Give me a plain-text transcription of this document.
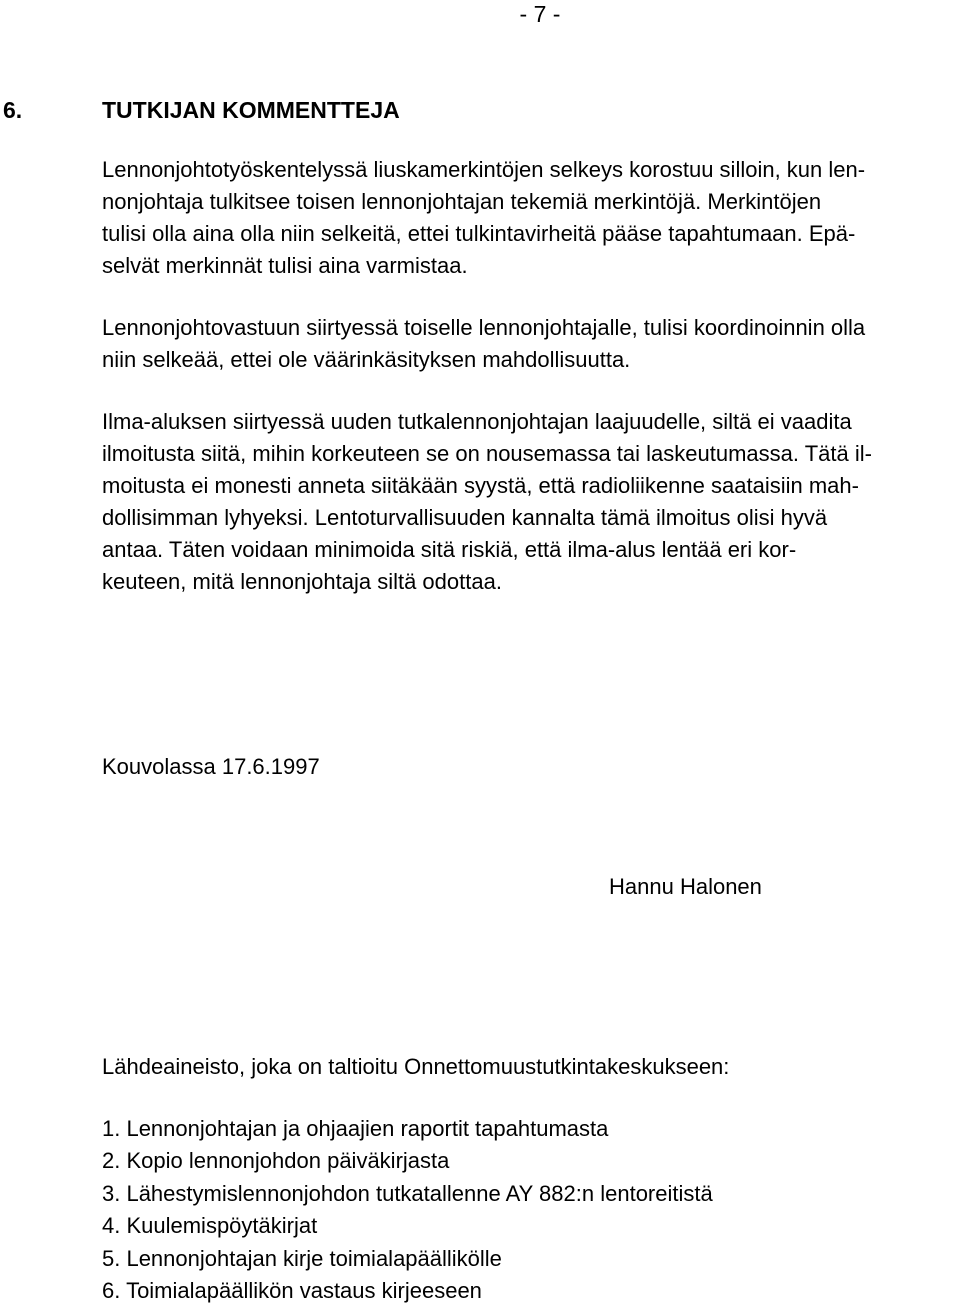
- 7 -
6.	TUTKIJAN KOMMENTTEJA

Lennonjohtotyöskentelyssä liuskamerkintöjen selkeys korostuu silloin, kun len-
nonjohtaja tulkitsee toisen lennonjohtajan tekemiä merkintöjä. Merkintöjen
tulisi olla aina olla niin selkeitä, ettei tulkintavirheitä pääse tapahtumaan. Epä-
selvät merkinnät tulisi aina varmistaa.

Lennonjohtovastuun siirtyessä toiselle lennonjohtajalle, tulisi koordinoinnin olla
niin selkeää, ettei ole väärinkäsityksen mahdollisuutta.

Ilma-aluksen siirtyessä uuden tutkalennonjohtajan laajuudelle, siltä ei vaadita
ilmoitusta siitä, mihin korkeuteen se on nousemassa tai laskeutumassa. Tätä il-
moitusta ei monesti anneta siitäkään syystä, että radioliikenne saataisiin mah-
dollisimman lyhyeksi. Lentoturvallisuuden kannalta tämä ilmoitus olisi hyvä
antaa. Täten voidaan minimoida sitä riskiä, että ilma-alus lentää eri kor-
keuteen, mitä lennonjohtaja siltä odottaa.

Kouvolassa 17.6.1997
Hannu Halonen
Lähdeaineisto, joka on taltioitu Onnettomuustutkintakeskukseen:
1. Lennonjohtajan ja ohjaajien raportit tapahtumasta
2. Kopio lennonjohdon päiväkirjasta
3. Lähestymislennonjohdon tutkatallenne AY 882:n lentoreitistä
4. Kuulemispöytäkirjat
5. Lennonjohtajan kirje toimialapäällikölle
6. Toimialapäällikön vastaus kirjeeseen
